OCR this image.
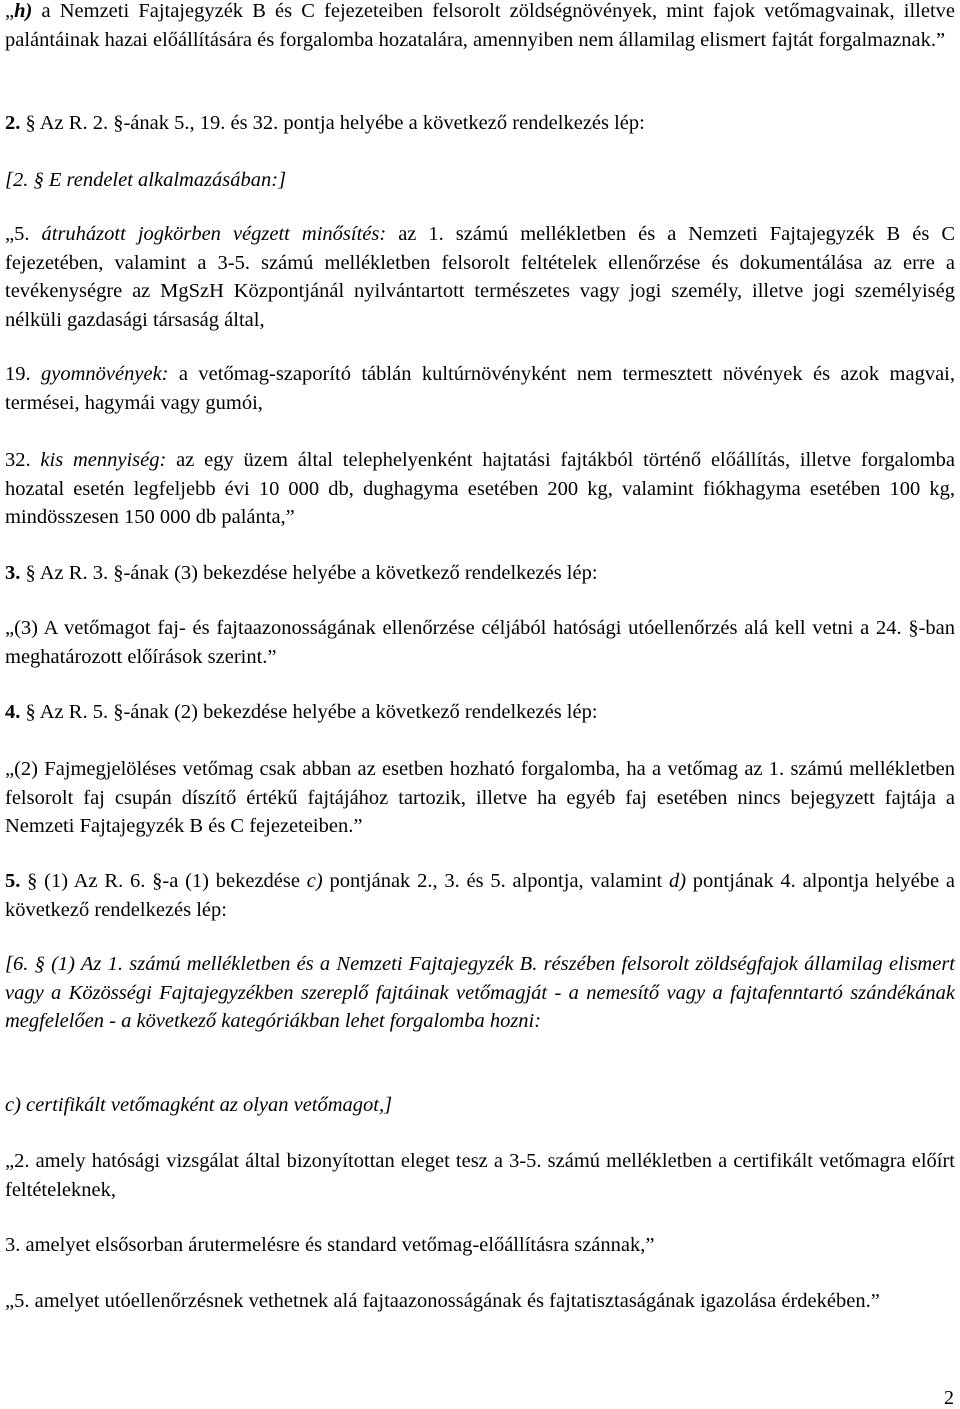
„h) a Nemzeti Fajtajegyzék B és C fejezeteiben felsorolt zöldségnövények, mint fajok vetőmagvainak, illetve palántáinak hazai előállítására és forgalomba hozatalára, amennyiben nem államilag elismert fajtát forgalmaznak.”
2. § Az R. 2. §-ának 5., 19. és 32. pontja helyébe a következő rendelkezés lép:
[2. § E rendelet alkalmazásában:]
„5. átruházott jogkörben végzett minősítés: az 1. számú mellékletben és a Nemzeti Fajtajegyzék B és C fejezetében, valamint a 3-5. számú mellékletben felsorolt feltételek ellenőrzése és dokumentálása az erre a tevékenységre az MgSzH Központjánál nyilvántartott természetes vagy jogi személy, illetve jogi személyiség nélküli gazdasági társaság által,
19. gyomnövények: a vetőmag-szaporító táblán kultúrnövényként nem termesztett növények és azok magvai, termései, hagymái vagy gumói,
32. kis mennyiség: az egy üzem által telephelyenként hajtatási fajtákból történő előállítás, illetve forgalomba hozatal esetén legfeljebb évi 10 000 db, dughagyma esetében 200 kg, valamint fiókhagyma esetében 100 kg, mindösszesen 150 000 db palánta,”
3. § Az R. 3. §-ának (3) bekezdése helyébe a következő rendelkezés lép:
„(3) A vetőmagot faj- és fajtaazonosságának ellenőrzése céljából hatósági utóellenőrzés alá kell vetni a 24. §-ban meghatározott előírások szerint.”
4. § Az R. 5. §-ának (2) bekezdése helyébe a következő rendelkezés lép:
„(2) Fajmegjelöléses vetőmag csak abban az esetben hozható forgalomba, ha a vetőmag az 1. számú mellékletben felsorolt faj csupán díszítő értékű fajtájához tartozik, illetve ha egyéb faj esetében nincs bejegyzett fajtája a Nemzeti Fajtajegyzék B és C fejezeteiben.”
5. § (1) Az R. 6. §-a (1) bekezdése c) pontjának 2., 3. és 5. alpontja, valamint d) pontjának 4. alpontja helyébe a következő rendelkezés lép:
[6. § (1) Az 1. számú mellékletben és a Nemzeti Fajtajegyzék B. részében felsorolt zöldségfajok államilag elismert vagy a Közösségi Fajtajegyzékben szereplő fajtáinak vetőmagját - a nemesítő vagy a fajtafenntartó szándékának megfelelően - a következő kategóriákban lehet forgalomba hozni:
c) certifikált vetőmagként az olyan vetőmagot,]
„2. amely hatósági vizsgálat által bizonyítottan eleget tesz a 3-5. számú mellékletben a certifikált vetőmagra előírt feltételeknek,
3. amelyet elsősorban árutermelésre és standard vetőmag-előállításra szánnak,”
„5. amelyet utóellenőrzésnek vethetnek alá fajtaazonosságának és fajtatisztaságának igazolása érdekében.”
2
